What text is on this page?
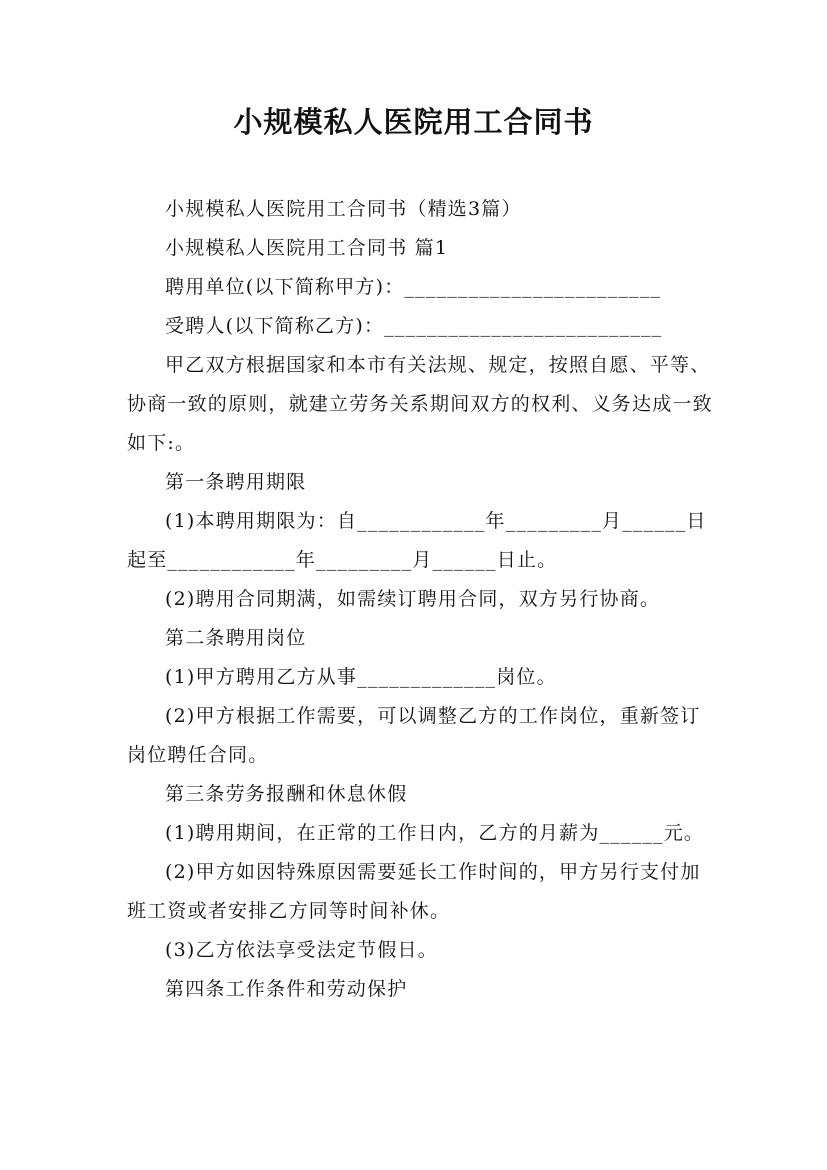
小规模私人医院用工合同书

小规模私人医院用工合同书（精选3篇）

小规模私人医院用工合同书 篇1

聘用单位(以下简称甲方)：________________________

受聘人(以下简称乙方)：__________________________

甲乙双方根据国家和本市有关法规、规定，按照自愿、平等、协商一致的原则，就建立劳务关系期间双方的权利、义务达成一致如下:。

第一条聘用期限

(1)本聘用期限为：自____________年_________月______日起至____________年_________月______日止。

(2)聘用合同期满，如需续订聘用合同，双方另行协商。

第二条聘用岗位

(1)甲方聘用乙方从事_____________岗位。

(2)甲方根据工作需要，可以调整乙方的工作岗位，重新签订岗位聘任合同。

第三条劳务报酬和休息休假

(1)聘用期间，在正常的工作日内，乙方的月薪为______元。

(2)甲方如因特殊原因需要延长工作时间的，甲方另行支付加班工资或者安排乙方同等时间补休。

(3)乙方依法享受法定节假日。

第四条工作条件和劳动保护
